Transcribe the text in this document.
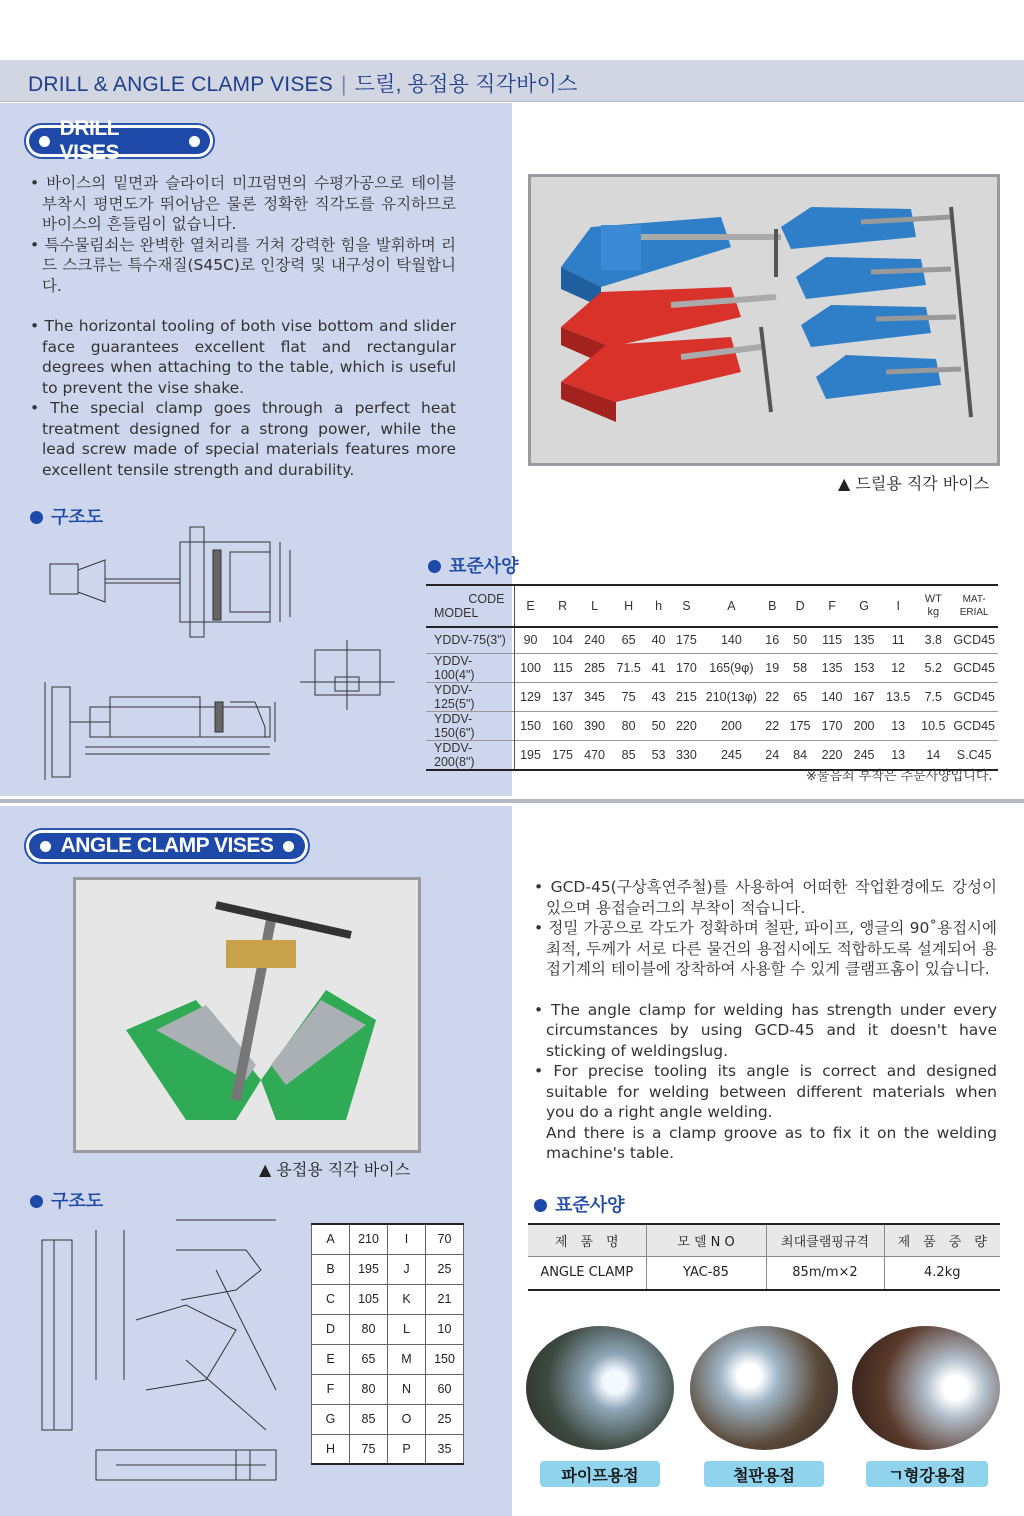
DRILL & ANGLE CLAMP VISES | 드릴, 용접용 직각바이스
DRILL VISES

• 바이스의 밑면과 슬라이더 미끄럼면의 수평가공으로 테이블 부착시 평면도가 뛰어남은 물론 정확한 직각도를 유지하므로 바이스의 흔들림이 없습니다.

• 특수물림쇠는 완벽한 열처리를 거쳐 강력한 힘을 발휘하며 리드 스크류는 특수재질(S45C)로 인장력 및 내구성이 탁월합니다.

• The horizontal tooling of both vise bottom and slider face guarantees excellent flat and rectangular degrees when attaching to the table, which is useful to prevent the vise shake.

• The special clamp goes through a perfect heat treatment designed for a strong power, while the lead screw made of special materials features more excellent tensile strength and durability.

▲ 드릴용 직각 바이스
구조도
표준사양
CODE
MODEL	E	R	L	H	h	S	A	B	D	F	G	I	WT kg	MAT-ERIAL
YDDV-75(3")	90	104	240	65	40	175	140	16	50	115	135	11	3.8	GCD45
YDDV-100(4")	100	115	285	71.5	41	170	165(9φ)	19	58	135	153	12	5.2	GCD45
YDDV-125(5")	129	137	345	75	43	215	210(13φ)	22	65	140	167	13.5	7.5	GCD45
YDDV-150(6")	150	160	390	80	50	220	200	22	175	170	200	13	10.5	GCD45
YDDV-200(8")	195	175	470	85	53	330	245	24	84	220	245	13	14	S.C45
※물음쇠 부착은 주문사양입니다.
ANGLE CLAMP VISES
▲ 용접용 직각 바이스
구조도
A	210	I	70
B	195	J	25
C	105	K	21
D	80	L	10
E	65	M	150
F	80	N	60
G	85	O	25
H	75	P	35

• GCD-45(구상흑연주철)를 사용하여 어떠한 작업환경에도 강성이 있으며 용접슬러그의 부착이 적습니다.

• 정밀 가공으로 각도가 정확하며 철판, 파이프, 앵글의 90˚용접시에 최적, 두께가 서로 다른 물건의 용접시에도 적합하도록 설계되어 용접기계의 테이블에 장착하여 사용할 수 있게 클램프홈이 있습니다.

• The angle clamp for welding has strength under every circumstances by using GCD-45 and it doesn't have sticking of weldingslug.

• For precise tooling its angle is correct and designed suitable for welding between different materials when you do a right angle welding.

And there is a clamp groove as to fix it on the welding machine's table.

표준사양
제　품　명	모 델 N O	최대클램핑규격	제　품　중　량
ANGLE CLAMP	YAC-85	85m/m×2	4.2kg
파이프용접	철판용접	ㄱ형강용접
